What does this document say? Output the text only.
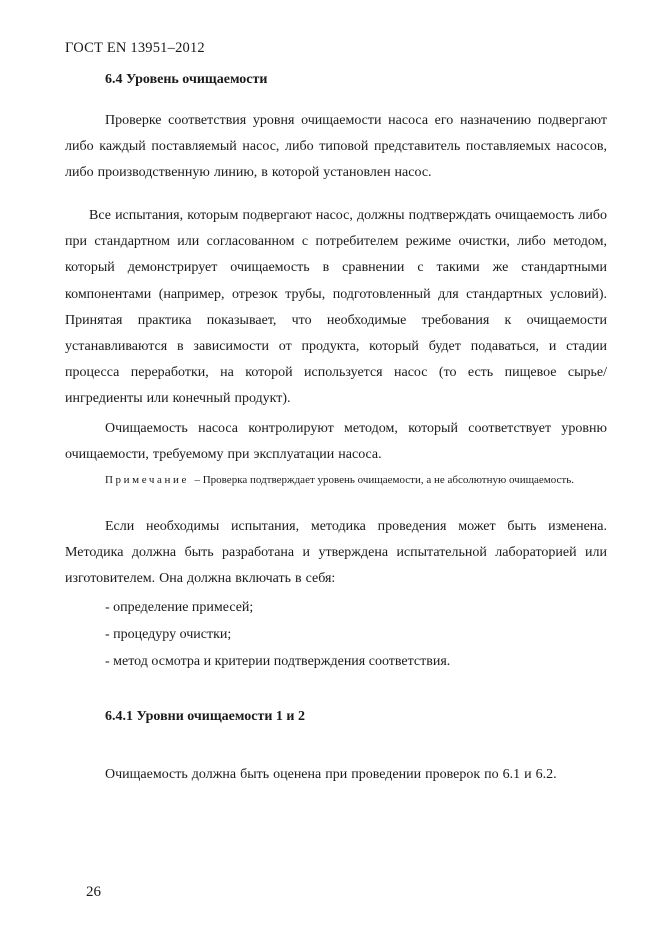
ГОСТ EN 13951–2012
6.4 Уровень очищаемости

Проверке соответствия уровня очищаемости насоса его назначению подвергают либо каждый поставляемый насос, либо типовой представитель поставляемых насосов, либо производственную линию, в которой установлен насос.

Все испытания, которым подвергают насос, должны подтверждать очищаемость либо при стандартном или согласованном с потребителем режиме очистки, либо методом, который демонстрирует очищаемость в сравнении с такими же стандартными компонентами (например, отрезок трубы, подготовленный для стандартных условий). Принятая практика показывает, что необходимые требования к очищаемости устанавливаются в зависимости от продукта, который будет подаваться, и стадии процесса переработки, на которой используется насос (то есть пищевое сырье/ингредиенты или конечный продукт).

Очищаемость насоса контролируют методом, который соответствует уровню очищаемости, требуемому при эксплуатации насоса.

Примечание – Проверка подтверждает уровень очищаемости, а не абсолютную очищаемость.

Если необходимы испытания, методика проведения может быть изменена. Методика должна быть разработана и утверждена испытательной лабораторией или изготовителем. Она должна включать в себя:

- определение примесей;
- процедуру очистки;
- метод осмотра и критерии подтверждения соответствия.
6.4.1 Уровни очищаемости 1 и 2

Очищаемость должна быть оценена при проведении проверок по 6.1 и 6.2.

26
